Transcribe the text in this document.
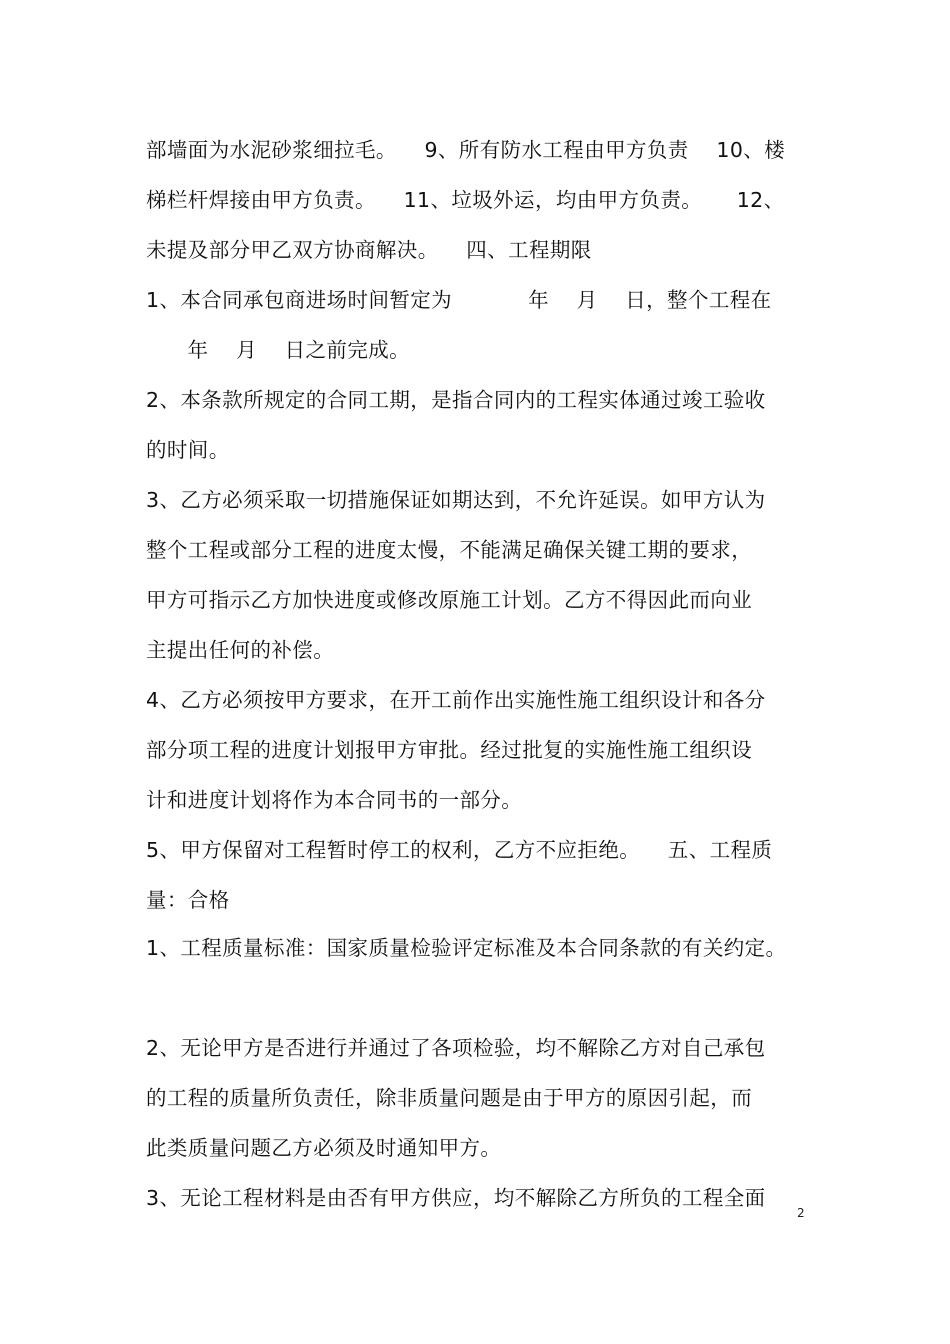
部墙面为水泥砂浆细拉毛。    9、所有防水工程由甲方负责    10、楼
梯栏杆焊接由甲方负责。    11、垃圾外运，均由甲方负责。     12、
未提及部分甲乙双方协商解决。    四、工程期限
1、本合同承包商进场时间暂定为           年    月    日，整个工程在
年    月    日之前完成。
2、本条款所规定的合同工期，是指合同内的工程实体通过竣工验收
的时间。
3、乙方必须采取一切措施保证如期达到，不允许延误。如甲方认为
整个工程或部分工程的进度太慢，不能满足确保关键工期的要求，
甲方可指示乙方加快进度或修改原施工计划。乙方不得因此而向业
主提出任何的补偿。
4、乙方必须按甲方要求，在开工前作出实施性施工组织设计和各分
部分项工程的进度计划报甲方审批。经过批复的实施性施工组织设
计和进度计划将作为本合同书的一部分。
5、甲方保留对工程暂时停工的权利，乙方不应拒绝。    五、工程质
量：合格
1、工程质量标准：国家质量检验评定标准及本合同条款的有关约定。
2、无论甲方是否进行并通过了各项检验，均不解除乙方对自己承包
的工程的质量所负责任，除非质量问题是由于甲方的原因引起，而
此类质量问题乙方必须及时通知甲方。
3、无论工程材料是由否有甲方供应，均不解除乙方所负的工程全面
2
